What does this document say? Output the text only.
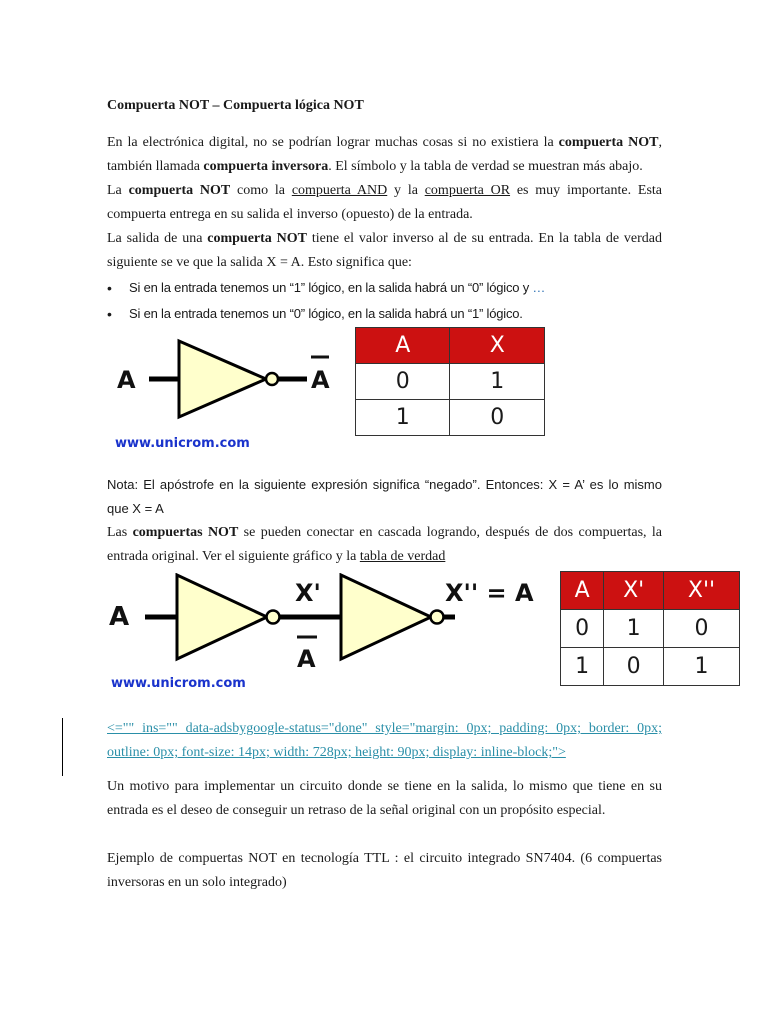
Compuerta NOT – Compuerta lógica NOT

En la electrónica digital, no se podrían lograr muchas cosas si no existiera la compuerta NOT, también llamada compuerta inversora. El símbolo y la tabla de verdad se muestran más abajo.

La compuerta NOT como la compuerta AND y la compuerta OR es muy importante. Esta compuerta entrega en su salida el inverso (opuesto) de la entrada.

La salida de una compuerta NOT tiene el valor inverso al de su entrada. En la tabla de verdad siguiente se ve que la salida X = A. Esto significa que:

• Si en la entrada tenemos un “1” lógico, en la salida habrá un “0” lógico y …
• Si en la entrada tenemos un “0” lógico, en la salida habrá un “1” lógico.
A	A
www.unicrom.com
A	X
0	1
1	0

Nota: El apóstrofe en la siguiente expresión significa “negado”. Entonces: X = A’ es lo mismo que X = A

Las compuertas NOT se pueden conectar en cascada logrando, después de dos compuertas, la entrada original. Ver el siguiente gráfico y la tabla de verdad

A
X'
A
X'' = A
www.unicrom.com
A	X'	X''
0	1	0
1	0	1

<="" ins="" data-adsbygoogle-status="done" style="margin: 0px; padding: 0px; border: 0px; outline: 0px; font-size: 14px; width: 728px; height: 90px; display: inline-block;">

Un motivo para implementar un circuito donde se tiene en la salida, lo mismo que tiene en su entrada es el deseo de conseguir un retraso de la señal original con un propósito especial.

Ejemplo de compuertas NOT en tecnología TTL : el circuito integrado SN7404. (6 compuertas inversoras en un solo integrado)
